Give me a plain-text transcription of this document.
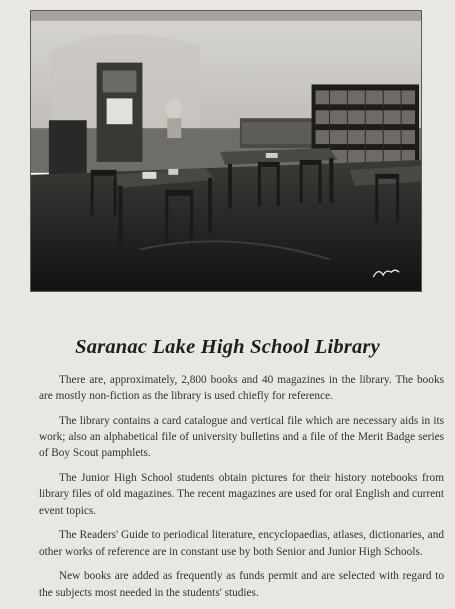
Saranac Lake High School Library

There are, approximately, 2,800 books and 40 magazines in the library. The books are mostly non-fiction as the library is used chiefly for reference.

The library contains a card catalogue and vertical file which are necessary aids in its work; also an alphabetical file of university bulletins and a file of the Merit Badge series of Boy Scout pamphlets.

The Junior High School students obtain pictures for their history notebooks from library files of old magazines. The recent magazines are used for oral English and current event topics.

The Readers' Guide to periodical literature, encyclopaedias, atlases, dictionaries, and other works of reference are in constant use by both Senior and Junior High Schools.

New books are added as frequently as funds permit and are selected with regard to the subjects most needed in the students' studies.
